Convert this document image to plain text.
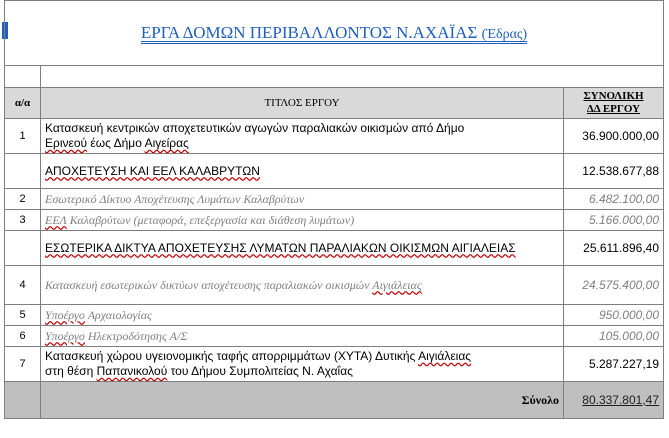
ΕΡΓΑ ΔΟΜΩΝ ΠΕΡΙΒΑΛΛΟΝΤΟΣ Ν.ΑΧΑΪΑΣ (Έδρας)		

α/α	ΤΙΤΛΟΣ ΕΡΓΟΥ	ΣΥΝΟΛΙΚΗ
ΔΔ ΕΡΓΟΥ
1	Κατασκευή κεντρικών αποχετευτικών αγωγών παραλιακών οικισμών από Δήμο
Ερινεού έως Δήμο Αιγείρας	36.900.000,00
	ΑΠΟΧΕΤΕΥΣΗ ΚΑΙ ΕΕΛ ΚΑΛΑΒΡΥΤΩΝ	12.538.677,88
2	Εσωτερικό Δίκτυο Αποχέτευσης Λυμάτων Καλαβρύτων	6.482.100,00
3	ΕΕΛ Καλαβρύτων (μεταφορά, επεξεργασία και διάθεση λυμάτων)	5.166.000,00
	ΕΣΩΤΕΡΙΚΑ ΔΙΚΤΥΑ ΑΠΟΧΕΤΕΥΣΗΣ ΛΥΜΑΤΩΝ ΠΑΡΑΛΙΑΚΩΝ ΟΙΚΙΣΜΩΝ ΑΙΓΙΑΛΕΙΑΣ	25.611.896,40
4	Κατασκευή εσωτερικών δικτύων αποχέτευσης παραλιακών οικισμών Αιγιάλειας	24.575.400,00
5	Υποέργο Αρχαιολογίας	950.000,00
6	Υποέργο Ηλεκτροδότησης Α/Σ	105.000,00
7	Κατασκευή χώρου υγειονομικής ταφής απορριμμάτων (ΧΥΤΑ) Δυτικής Αιγιάλειας
στη θέση Παπανικολού του Δήμου Συμπολιτείας Ν. Αχαΐας	5.287.227,19
	Σύνολο	80.337.801,47
